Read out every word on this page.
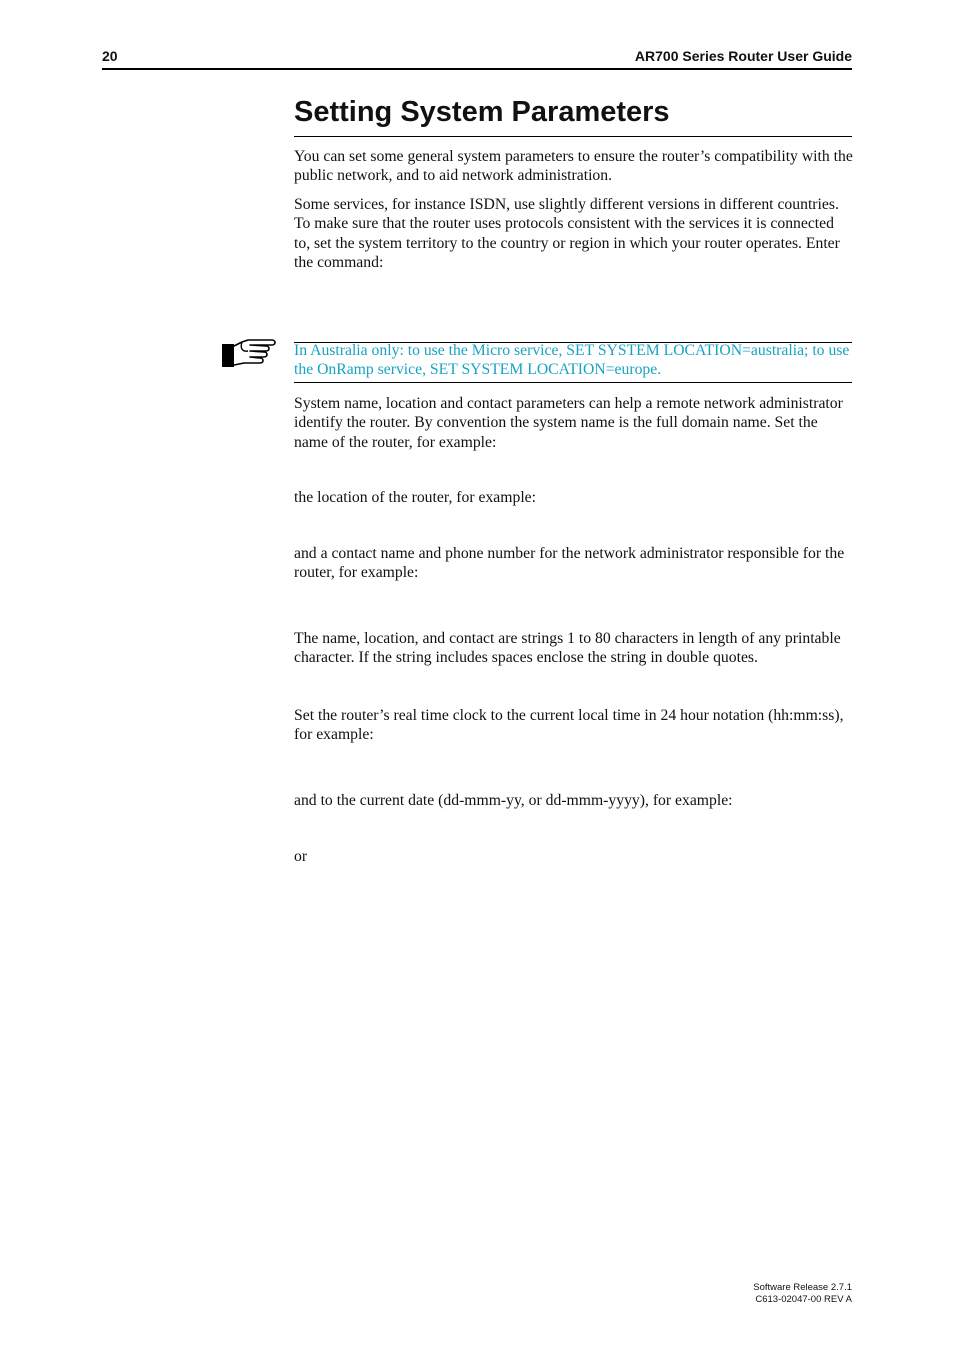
20	AR700 Series Router User Guide
Setting System Parameters

You can set some general system parameters to ensure the router’s compatibility with the public network, and to aid network administration.

Some services, for instance ISDN, use slightly different versions in different countries. To make sure that the router uses protocols consistent with the services it is connected to, set the system territory to the country or region in which your router operates. Enter the command:

In Australia only: to use the Micro service, SET SYSTEM LOCATION=australia; to use the OnRamp service, SET SYSTEM LOCATION=europe.

System name, location and contact parameters can help a remote network administrator identify the router. By convention the system name is the full domain name. Set the name of the router, for example:

the location of the router, for example:

and a contact name and phone number for the network administrator responsible for the router, for example:

The name, location, and contact are strings 1 to 80 characters in length of any printable character. If the string includes spaces enclose the string in double quotes.

Set the router’s real time clock to the current local time in 24 hour notation (hh:mm:ss), for example:

and to the current date (dd-mmm-yy, or dd-mmm-yyyy), for example:

or

Software Release 2.7.1
C613-02047-00 REV A
